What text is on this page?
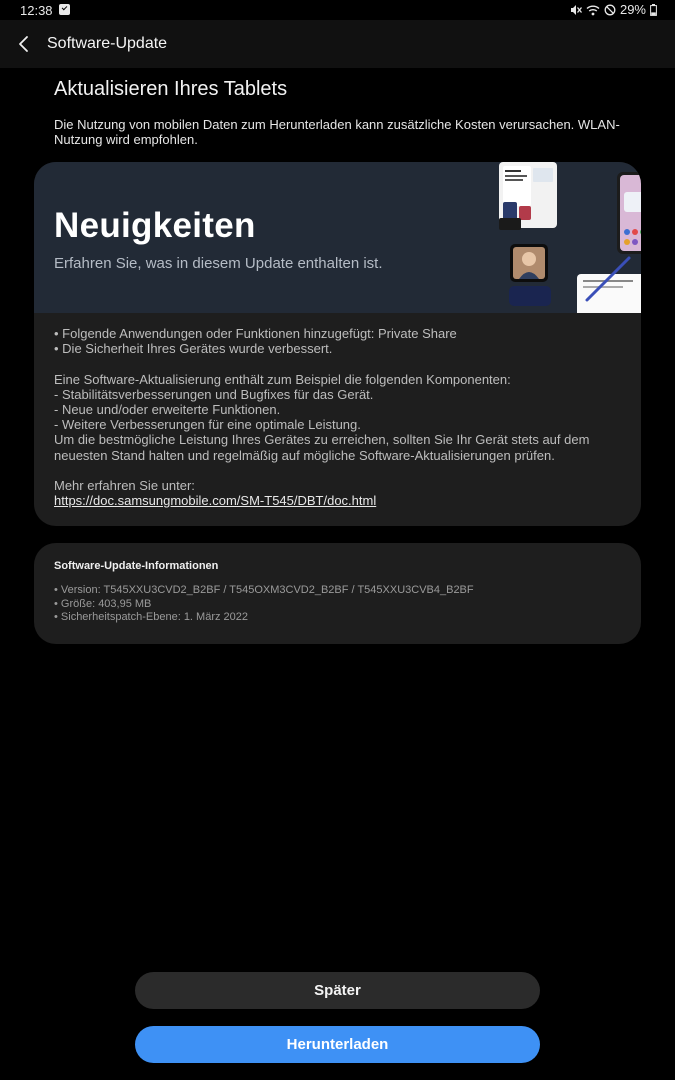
12:38	29%
Software-Update
Aktualisieren Ihres Tablets
Die Nutzung von mobilen Daten zum Herunterladen kann zusätzliche Kosten verursachen. WLAN-Nutzung wird empfohlen.
Neuigkeiten
Erfahren Sie, was in diesem Update enthalten ist.
• Folgende Anwendungen oder Funktionen hinzugefügt: Private Share
• Die Sicherheit Ihres Gerätes wurde verbessert.

Eine Software-Aktualisierung enthält zum Beispiel die folgenden Komponenten:
- Stabilitätsverbesserungen und Bugfixes für das Gerät.
- Neue und/oder erweiterte Funktionen.
- Weitere Verbesserungen für eine optimale Leistung.
Um die bestmögliche Leistung Ihres Gerätes zu erreichen, sollten Sie Ihr Gerät stets auf dem neuesten Stand halten und regelmäßig auf mögliche Software-Aktualisierungen prüfen.

Mehr erfahren Sie unter:
https://doc.samsungmobile.com/SM-T545/DBT/doc.html
Software-Update-Informationen
• Version: T545XXU3CVD2_B2BF / T545OXM3CVD2_B2BF / T545XXU3CVB4_B2BF
• Größe: 403,95 MB
• Sicherheitspatch-Ebene: 1. März 2022
Später
Herunterladen
